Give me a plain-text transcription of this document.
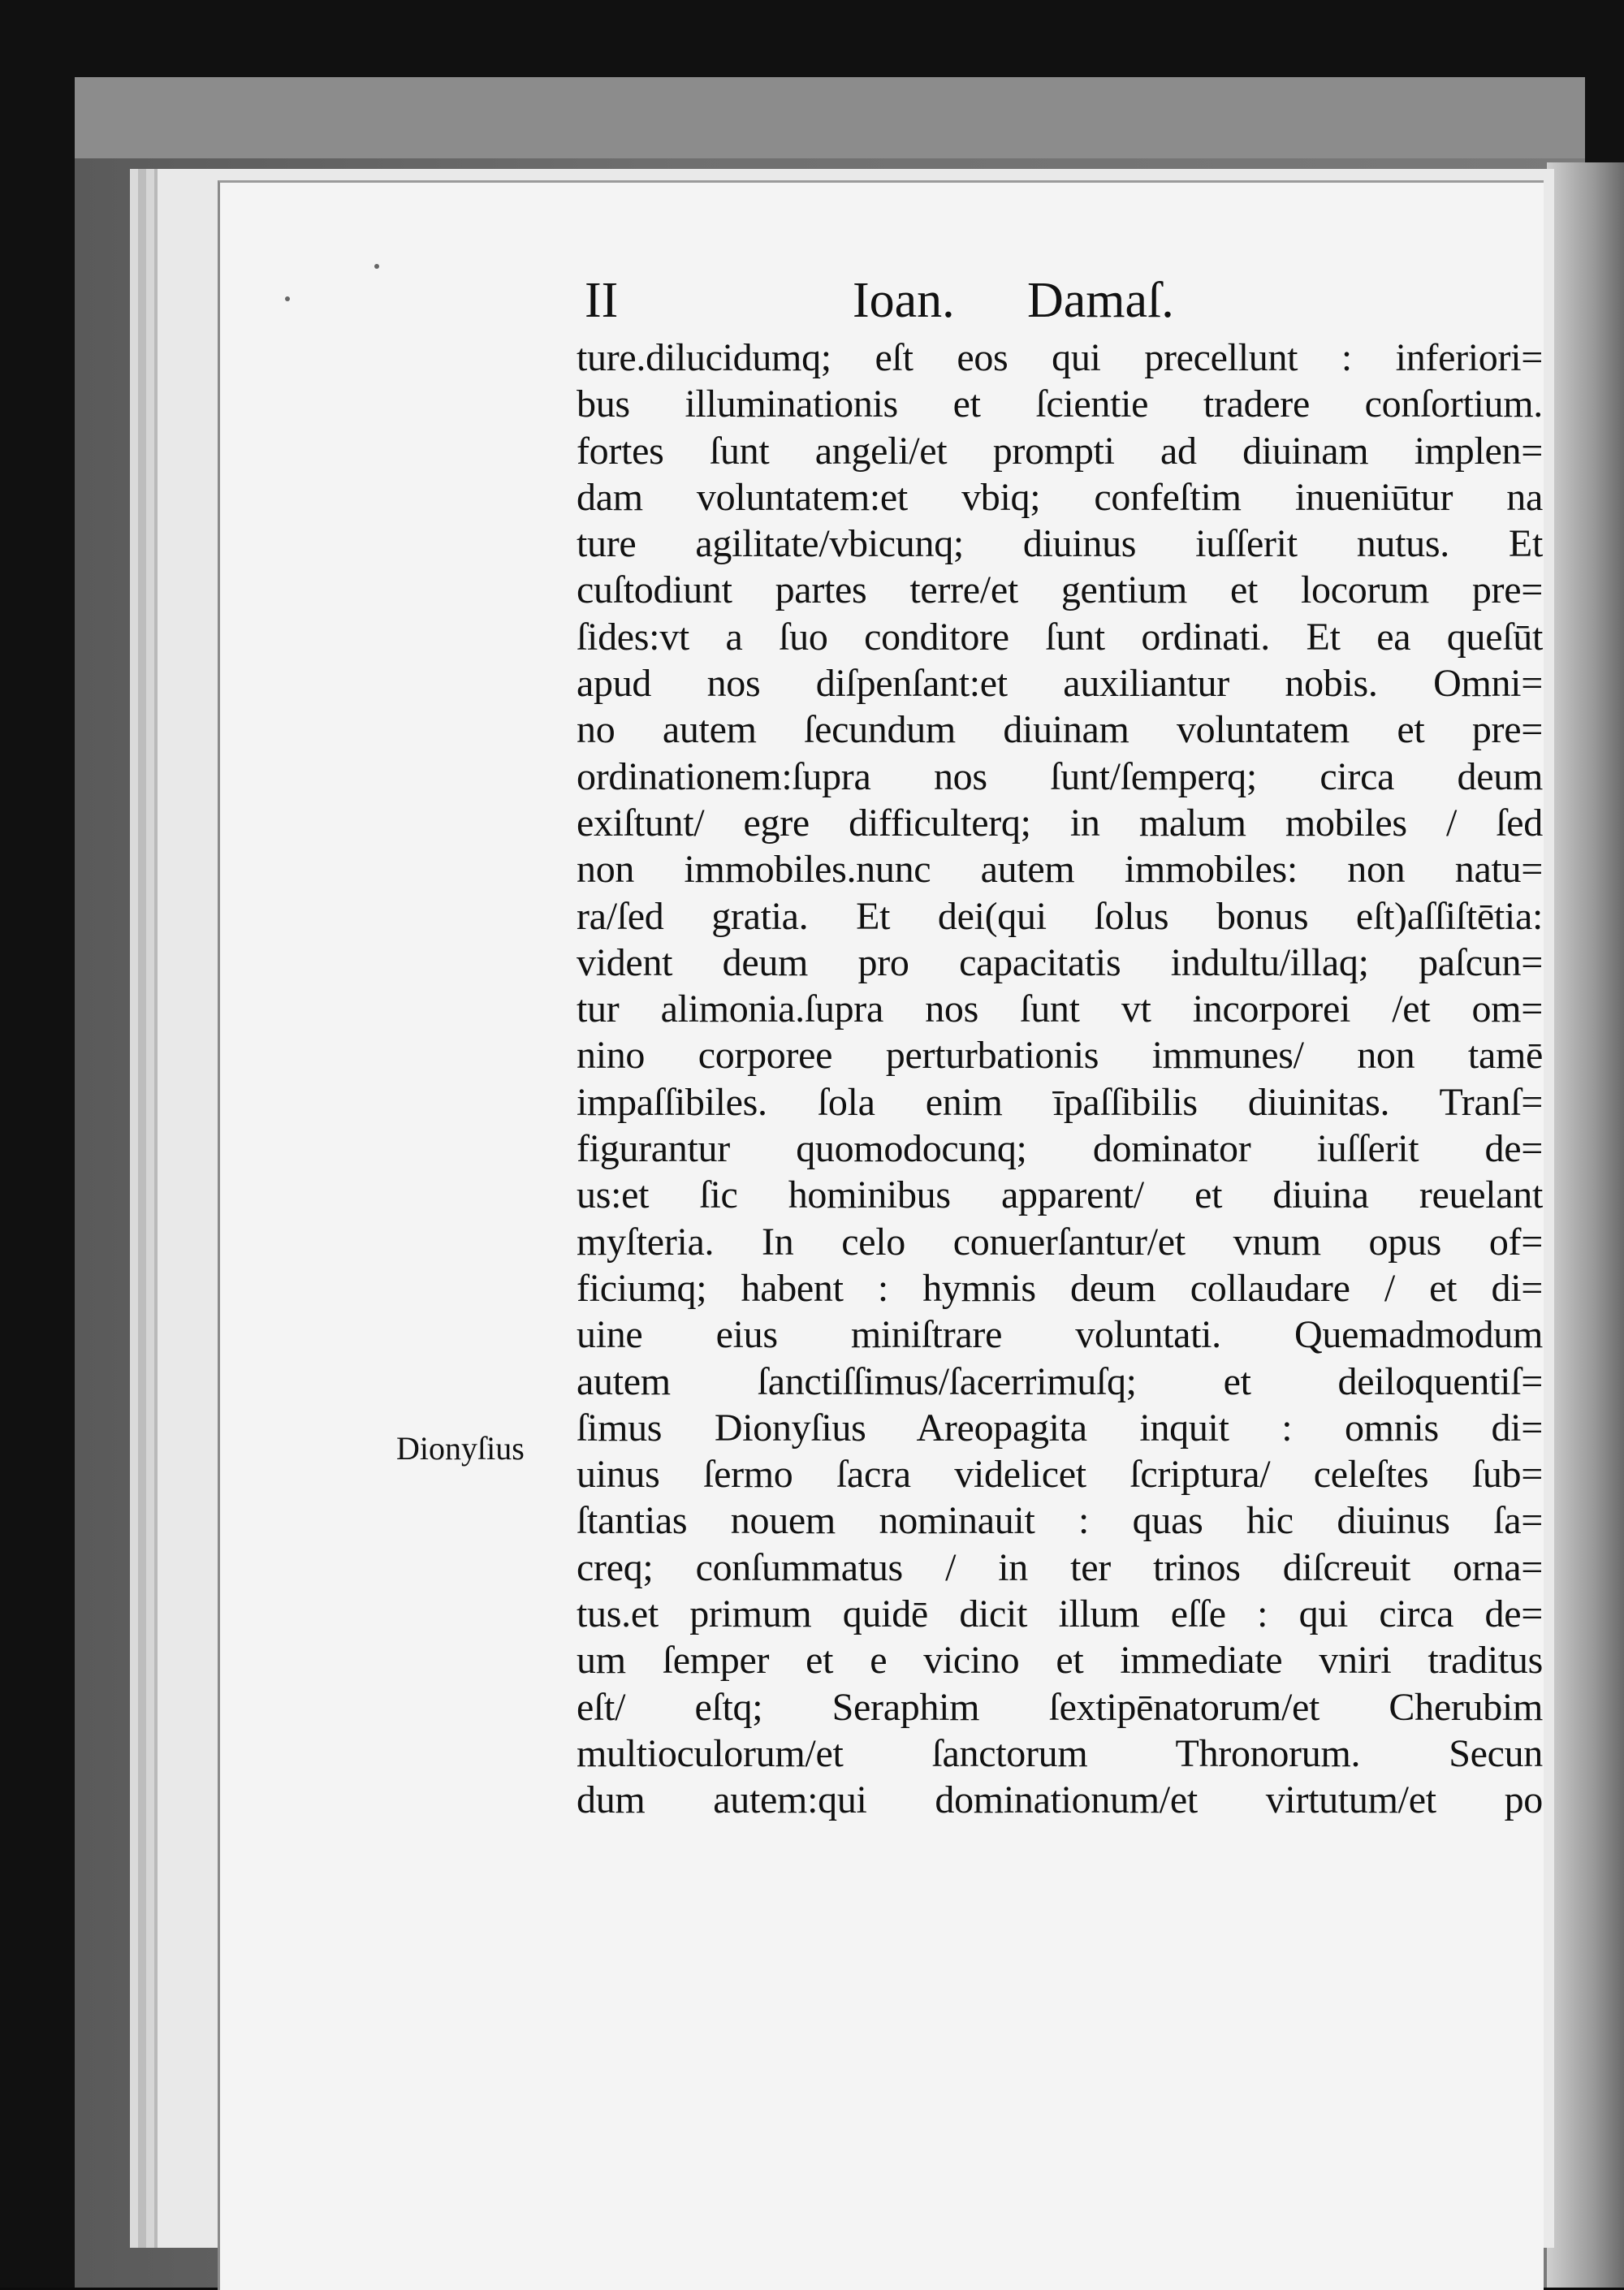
II	Ioan. Damaſ.
Dionyſius
ture.dilucidumq; eſt eos qui precellunt : inferiori=
bus illuminationis et ſcientie tradere conſortium.
fortes ſunt angeli/et prompti ad diuinam implen=
dam voluntatem:et vbiq; confeſtim inueniūtur na
ture agilitate/vbicunq; diuinus iuſſerit nutus. Et
cuſtodiunt partes terre/et gentium et locorum pre=
ſides:vt a ſuo conditore ſunt ordinati. Et ea queſūt
apud nos diſpenſant:et auxiliantur nobis. Omni=
no autem ſecundum diuinam voluntatem et pre=
ordinationem:ſupra nos ſunt/ſemperq; circa deum
exiſtunt/ egre difficulterq; in malum mobiles / ſed
non immobiles.nunc autem immobiles: non natu=
ra/ſed gratia. Et dei(qui ſolus bonus eſt)aſſiſtētia:
vident deum pro capacitatis indultu/illaq; paſcun=
tur alimonia.ſupra nos ſunt vt incorporei /et om=
nino corporee perturbationis immunes/ non tamē
impaſſibiles. ſola enim īpaſſibilis diuinitas. Tranſ=
figurantur quomodocunq; dominator iuſſerit de=
us:et ſic hominibus apparent/ et diuina reuelant
myſteria. In celo conuerſantur/et vnum opus of=
ficiumq; habent : hymnis deum collaudare / et di=
uine eius miniſtrare voluntati. Quemadmodum
autem ſanctiſſimus/ſacerrimuſq; et deiloquentiſ=
ſimus Dionyſius Areopagita inquit : omnis di=
uinus ſermo ſacra videlicet ſcriptura/ celeſtes ſub=
ſtantias nouem nominauit : quas hic diuinus ſa=
creq; conſummatus / in ter trinos diſcreuit orna=
tus.et primum quidē dicit illum eſſe : qui circa de=
um ſemper et e vicino et immediate vniri traditus
eſt/ eſtq; Seraphim ſextipēnatorum/et Cherubim
multioculorum/et ſanctorum Thronorum. Secun
dum autem:qui dominationum/et virtutum/et po
